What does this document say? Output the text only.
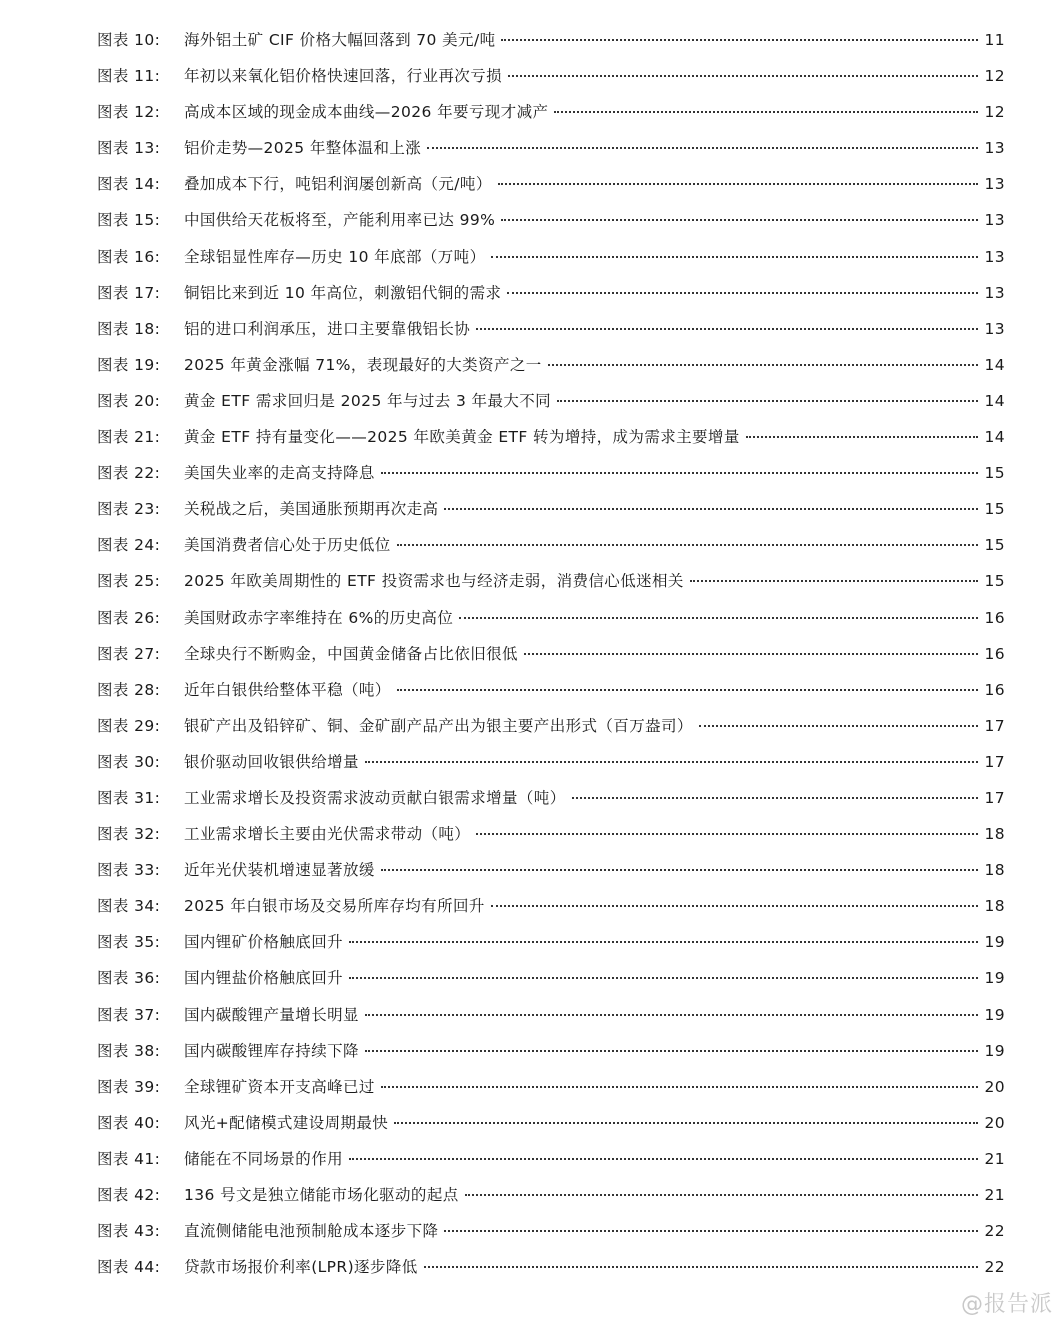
图表 10:	海外铝土矿 CIF 价格大幅回落到 70 美元/吨	11
图表 11:	年初以来氧化铝价格快速回落，行业再次亏损	12
图表 12:	高成本区域的现金成本曲线—2026 年要亏现才减产	12
图表 13:	铝价走势—2025 年整体温和上涨	13
图表 14:	叠加成本下行，吨铝利润屡创新高（元/吨）	13
图表 15:	中国供给天花板将至，产能利用率已达 99%	13
图表 16:	全球铝显性库存—历史 10 年底部（万吨）	13
图表 17:	铜铝比来到近 10 年高位，刺激铝代铜的需求	13
图表 18:	铝的进口利润承压，进口主要靠俄铝长协	13
图表 19:	2025 年黄金涨幅 71%，表现最好的大类资产之一	14
图表 20:	黄金 ETF 需求回归是 2025 年与过去 3 年最大不同	14
图表 21:	黄金 ETF 持有量变化——2025 年欧美黄金 ETF 转为增持，成为需求主要增量	14
图表 22:	美国失业率的走高支持降息	15
图表 23:	关税战之后，美国通胀预期再次走高	15
图表 24:	美国消费者信心处于历史低位	15
图表 25:	2025 年欧美周期性的 ETF 投资需求也与经济走弱，消费信心低迷相关	15
图表 26:	美国财政赤字率维持在 6%的历史高位	16
图表 27:	全球央行不断购金，中国黄金储备占比依旧很低	16
图表 28:	近年白银供给整体平稳（吨）	16
图表 29:	银矿产出及铅锌矿、铜、金矿副产品产出为银主要产出形式（百万盎司）	17
图表 30:	银价驱动回收银供给增量	17
图表 31:	工业需求增长及投资需求波动贡献白银需求增量（吨）	17
图表 32:	工业需求增长主要由光伏需求带动（吨）	18
图表 33:	近年光伏装机增速显著放缓	18
图表 34:	2025 年白银市场及交易所库存均有所回升	18
图表 35:	国内锂矿价格触底回升	19
图表 36:	国内锂盐价格触底回升	19
图表 37:	国内碳酸锂产量增长明显	19
图表 38:	国内碳酸锂库存持续下降	19
图表 39:	全球锂矿资本开支高峰已过	20
图表 40:	风光+配储模式建设周期最快	20
图表 41:	储能在不同场景的作用	21
图表 42:	136 号文是独立储能市场化驱动的起点	21
图表 43:	直流侧储能电池预制舱成本逐步下降	22
图表 44:	贷款市场报价利率(LPR)逐步降低	22
@报告派
